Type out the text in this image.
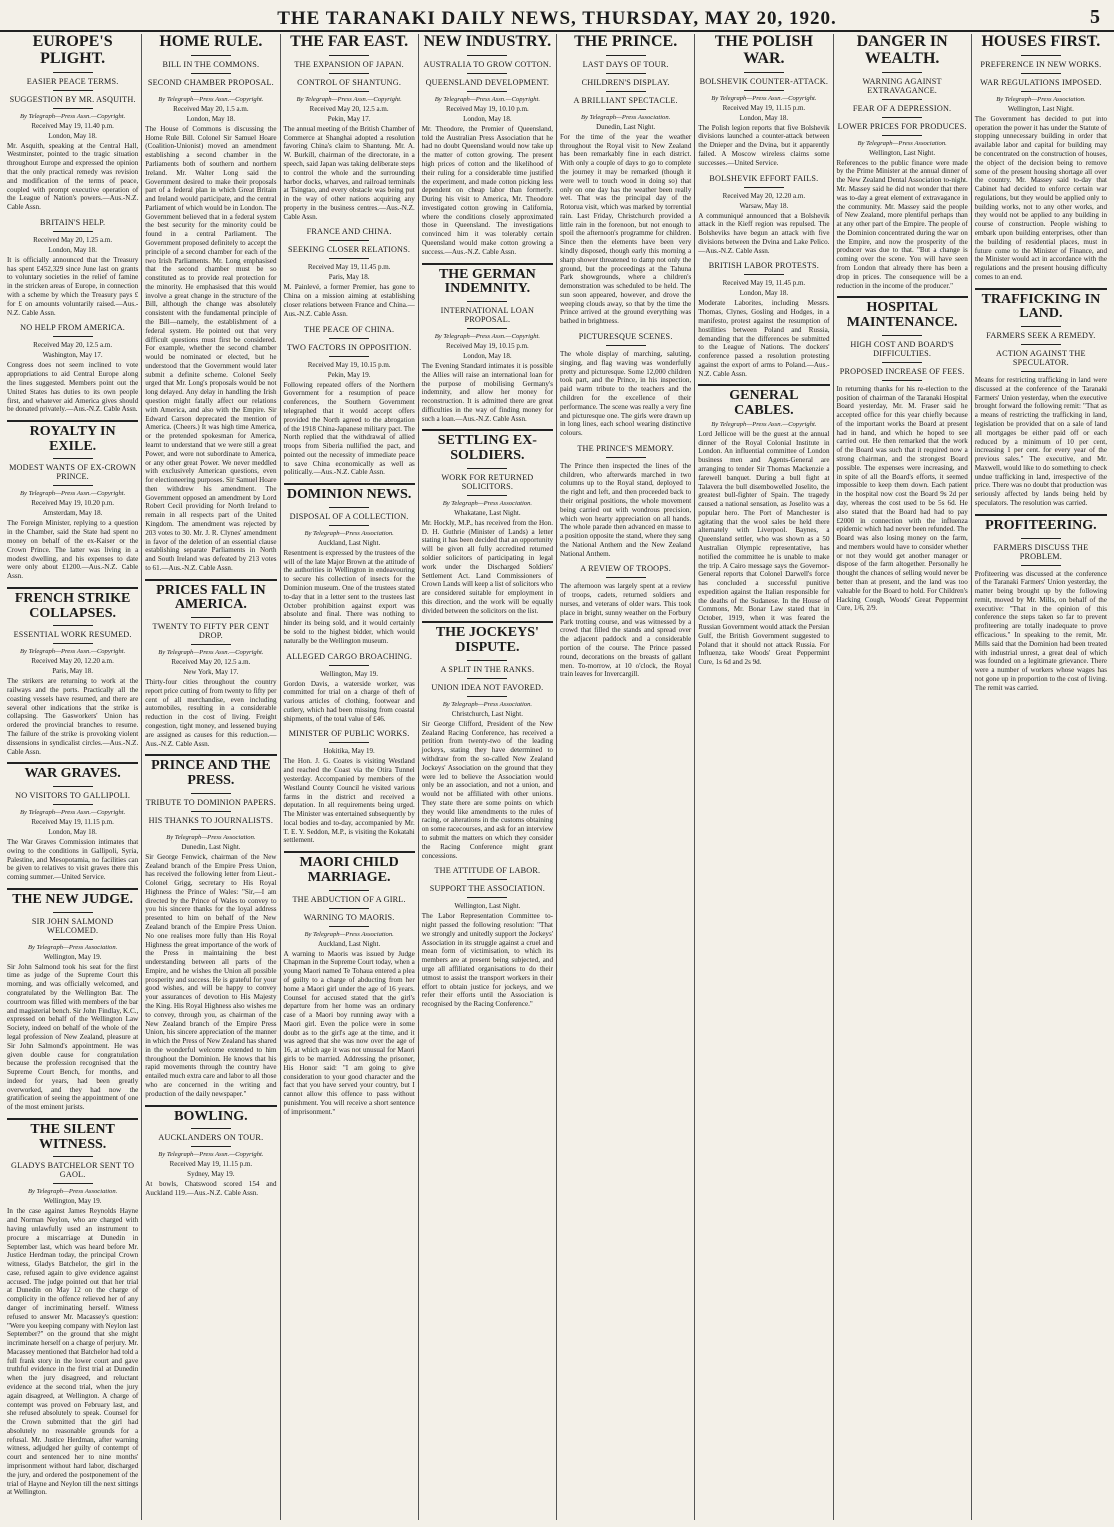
THE TARANAKI DAILY NEWS, THURSDAY, MAY 20, 1920.	5
EUROPE'S PLIGHT.
EASIER PEACE TERMS.
SUGGESTION BY MR. ASQUITH.
By Telegraph—Press Assn.—Copyright.
Received May 19, 11.40 p.m.
London, May 18.

Mr. Asquith, speaking at the Central Hall, Westminster, pointed to the tragic situation throughout Europe and expressed the opinion that the only practical remedy was revision and modification of the terms of peace, coupled with prompt executive operation of the League of Nation's powers.—Aus.-N.Z. Cable Assn.

BRITAIN'S HELP.
Received May 20, 1.25 a.m.
London, May 18.

It is officially announced that the Treasury has spent £452,329 since June last on grants to voluntary societies in the relief of famine in the stricken areas of Europe, in connection with a scheme by which the Treasury pays £ for £ on amounts voluntarily raised.—Aus.-N.Z. Cable Assn.

NO HELP FROM AMERICA.
Received May 20, 12.5 a.m.
Washington, May 17.

Congress does not seem inclined to vote appropriations to aid Central Europe along the lines suggested. Members point out the United States has duties to its own people first, and whatever aid America gives should be donated privately.—Aus.-N.Z. Cable Assn.

ROYALTY IN EXILE.
MODEST WANTS OF EX-CROWN PRINCE.
By Telegraph—Press Assn.—Copyright.
Received May 19, 10.20 p.m.
Amsterdam, May 18.

The Foreign Minister, replying to a question in the Chamber, said the State had spent no money on behalf of the ex-Kaiser or the Crown Prince. The latter was living in a modest dwelling, and his expenses to date were only about £1200.—Aus.-N.Z. Cable Assn.

FRENCH STRIKE COLLAPSES.
ESSENTIAL WORK RESUMED.
By Telegraph—Press Assn.—Copyright.
Received May 20, 12.20 a.m.
Paris, May 18.

The strikers are returning to work at the railways and the ports. Practically all the coasting vessels have resumed, and there are several other indications that the strike is collapsing. The Gasworkers' Union has ordered the provincial branches to resume. The failure of the strike is provoking violent dissensions in syndicalist circles.—Aus.-N.Z. Cable Assn.

WAR GRAVES.
NO VISITORS TO GALLIPOLI.
By Telegraph—Press Assn.—Copyright.
Received May 19, 11.15 p.m.
London, May 18.

The War Graves Commission intimates that owing to the conditions in Gallipoli, Syria, Palestine, and Mesopotamia, no facilities can be given to relatives to visit graves there this coming summer.—United Service.

THE NEW JUDGE.
SIR JOHN SALMOND WELCOMED.
By Telegraph—Press Association.
Wellington, May 19.

Sir John Salmond took his seat for the first time as judge of the Supreme Court this morning, and was officially welcomed, and congratulated by the Wellington Bar. The courtroom was filled with members of the bar and magisterial bench. Sir John Findlay, K.C., expressed on behalf of the Wellington Law Society, indeed on behalf of the whole of the legal profession of New Zealand, pleasure at Sir John Salmond's appointment. He was given double cause for congratulation because the profession recognised that the Supreme Court Bench, for months, and indeed for years, had been greatly overworked, and they had now the gratification of seeing the appointment of one of the most eminent jurists.

THE SILENT WITNESS.
GLADYS BATCHELOR SENT TO GAOL.
By Telegraph—Press Association.
Wellington, May 19.

In the case against James Reynolds Hayne and Norman Neylon, who are charged with having unlawfully used an instrument to procure a miscarriage at Dunedin in September last, which was heard before Mr. Justice Herdman today, the principal Crown witness, Gladys Batchelor, the girl in the case, refused again to give evidence against accused. The judge pointed out that her trial at Dunedin on May 12 on the charge of complicity in the offence relieved her of any danger of incriminating herself. Witness refused to answer Mr. Macassey's question: "Were you keeping company with Neylon last September?" on the ground that she might incriminate herself on a charge of perjury. Mr. Macassey mentioned that Batchelor had told a full frank story in the lower court and gave truthful evidence in the first trial at Dunedin when the jury disagreed, and reluctant evidence at the second trial, when the jury again disagreed, at Wellington. A charge of contempt was proved on February last, and she refused absolutely to speak. Counsel for the Crown submitted that the girl had absolutely no reasonable grounds for a refusal. Mr. Justice Herdman, after warning witness, adjudged her guilty of contempt of court and sentenced her to nine months' imprisonment without hard labor, discharged the jury, and ordered the postponement of the trial of Hayne and Neylon till the next sittings at Wellington.

HOME RULE.
BILL IN THE COMMONS.
SECOND CHAMBER PROPOSAL.
By Telegraph—Press Assn.—Copyright.
Received May 20, 1.5 a.m.
London, May 18.

The House of Commons is discussing the Home Rule Bill. Colonel Sir Samuel Hoare (Coalition-Unionist) moved an amendment establishing a second chamber in the Parliaments both of southern and northern Ireland. Mr. Walter Long said the Government desired to make their proposals part of a federal plan in which Great Britain and Ireland would participate, and the central Parliament of which would be in London. The Government believed that in a federal system the best security for the minority could be found in a central Parliament. The Government proposed definitely to accept the principle of a second chamber for each of the two Irish Parliaments. Mr. Long emphasised that the second chamber must be so constituted as to provide real protection for the minority. He emphasised that this would involve a great change in the structure of the Bill, although the change was absolutely consistent with the fundamental principle of the Bill—namely, the establishment of a federal system. He pointed out that very difficult questions must first be considered. For example, whether the second chamber would be nominated or elected, but he understood that the Government would later submit a definite scheme. Colonel Seely urged that Mr. Long's proposals would be not long delayed. Any delay in handling the Irish question might fatally affect our relations with America, and also with the Empire. Sir Edward Carson deprecated the mention of America. (Cheers.) It was high time America, or the pretended spokesman for America, learnt to understand that we were still a great Power, and were not subordinate to America, or any other great Power. We never meddled with exclusively American questions, even for electioneering purposes. Sir Samuel Hoare then withdrew his amendment. The Government opposed an amendment by Lord Robert Cecil providing for North Ireland to remain in all respects part of the United Kingdom. The amendment was rejected by 203 votes to 30. Mr. J. R. Clynes' amendment in favor of the deletion of an essential clause establishing separate Parliaments in North and South Ireland was defeated by 213 votes to 61.—Aus.-N.Z. Cable Assn.

PRICES FALL IN AMERICA.
TWENTY TO FIFTY PER CENT DROP.
By Telegraph—Press Assn.—Copyright.
Received May 20, 12.5 a.m.
New York, May 17.

Thirty-four cities throughout the country report price cutting of from twenty to fifty per cent of all merchandise, even including automobiles, resulting in a considerable reduction in the cost of living. Freight congestion, tight money, and lessened buying are assigned as causes for this reduction.—Aus.-N.Z. Cable Assn.

PRINCE AND THE PRESS.
TRIBUTE TO DOMINION PAPERS.
HIS THANKS TO JOURNALISTS.
By Telegraph—Press Association.
Dunedin, Last Night.

Sir George Fenwick, chairman of the New Zealand branch of the Empire Press Union, has received the following letter from Lieut.-Colonel Grigg, secretary to His Royal Highness the Prince of Wales: "Sir,—I am directed by the Prince of Wales to convey to you his sincere thanks for the loyal address presented to him on behalf of the New Zealand branch of the Empire Press Union. No one realises more fully than His Royal Highness the great importance of the work of the Press in maintaining the best understanding between all parts of the Empire, and he wishes the Union all possible prosperity and success. He is grateful for your good wishes, and will be happy to convey your assurances of devotion to His Majesty the King. His Royal Highness also wishes me to convey, through you, as chairman of the New Zealand branch of the Empire Press Union, his sincere appreciation of the manner in which the Press of New Zealand has shared in the wonderful welcome extended to him throughout the Dominion. He knows that his rapid movements through the country have entailed much extra care and labor to all those who are concerned in the writing and production of the daily newspaper."

BOWLING.
AUCKLANDERS ON TOUR.
By Telegraph—Press Assn.—Copyright.
Received May 19, 11.15 p.m.
Sydney, May 19.

At bowls, Chatswood scored 154 and Auckland 119.—Aus.-N.Z. Cable Assn.

THE FAR EAST.
THE EXPANSION OF JAPAN.
CONTROL OF SHANTUNG.
By Telegraph—Press Assn.—Copyright.
Received May 20, 12.5 a.m.
Pekin, May 17.

The annual meeting of the British Chamber of Commerce at Shanghai adopted a resolution favoring China's claim to Shantung. Mr. A. W. Burkill, chairman of the directorate, in a speech, said Japan was taking deliberate steps to control the whole and the surrounding harbor docks, wharves, and railroad terminals at Tsingtao, and every obstacle was being put in the way of other nations acquiring any property in the business centres.—Aus.-N.Z. Cable Assn.

FRANCE AND CHINA.
SEEKING CLOSER RELATIONS.
Received May 19, 11.45 p.m.
Paris, May 18.

M. Painlevé, a former Premier, has gone to China on a mission aiming at establishing closer relations between France and China.—Aus.-N.Z. Cable Assn.

THE PEACE OF CHINA.
TWO FACTORS IN OPPOSITION.
Received May 19, 10.15 p.m.
Pekin, May 19.

Following repeated offers of the Northern Government for a resumption of peace conferences, the Southern Government telegraphed that it would accept offers provided the North agreed to the abrogation of the 1918 China-Japanese military pact. The North replied that the withdrawal of allied troops from Siberia nullified the pact, and pointed out the necessity of immediate peace to save China economically as well as politically.—Aus.-N.Z. Cable Assn.

DOMINION NEWS.
DISPOSAL OF A COLLECTION.
By Telegraph—Press Association.
Auckland, Last Night.

Resentment is expressed by the trustees of the will of the late Major Brown at the attitude of the authorities in Wellington in endeavouring to secure his collection of insects for the Dominion museum. One of the trustees stated to-day that in a letter sent to the trustees last October prohibition against export was absolute and final. There was nothing to hinder its being sold, and it would certainly be sold to the highest bidder, which would naturally be the Wellington museum.

ALLEGED CARGO BROACHING.
Wellington, May 19.

Gordon Davis, a waterside worker, was committed for trial on a charge of theft of various articles of clothing, footwear and cutlery, which had been missing from coastal shipments, of the total value of £46.

MINISTER OF PUBLIC WORKS.
Hokitika, May 19.

The Hon. J. G. Coates is visiting Westland and reached the Coast via the Otira Tunnel yesterday. Accompanied by members of the Westland County Council he visited various farms in the district and received a deputation. In all requirements being urged. The Minister was entertained subsequently by local bodies and to-day, accompanied by Mr. T. E. Y. Seddon, M.P., is visiting the Kokatahi settlement.

MAORI CHILD MARRIAGE.
THE ABDUCTION OF A GIRL.
WARNING TO MAORIS.
By Telegraph—Press Association.
Auckland, Last Night.

A warning to Maoris was issued by Judge Chapman in the Supreme Court today, when a young Maori named Te Tohaua entered a plea of guilty to a charge of abducting from her home a Maori girl under the age of 16 years. Counsel for accused stated that the girl's departure from her home was an ordinary case of a Maori boy running away with a Maori girl. Even the police were in some doubt as to the girl's age at the time, and it was agreed that she was now over the age of 16, at which age it was not unusual for Maori girls to be married. Addressing the prisoner, His Honor said: "I am going to give consideration to your good character and the fact that you have served your country, but I cannot allow this offence to pass without punishment. You will receive a short sentence of imprisonment."

NEW INDUSTRY.
AUSTRALIA TO GROW COTTON.
QUEENSLAND DEVELOPMENT.
By Telegraph—Press Assn.—Copyright.
Received May 19, 10.10 p.m.
London, May 18.

Mr. Theodore, the Premier of Queensland, told the Australian Press Association that he had no doubt Queensland would now take up the matter of cotton growing. The present high prices of cotton and the likelihood of their ruling for a considerable time justified the experiment, and made cotton picking less dependent on cheap labor than formerly. During his visit to America, Mr. Theodore investigated cotton growing in California, where the conditions closely approximated those in Queensland. The investigations convinced him it was tolerably certain Queensland would make cotton growing a success.—Aus.-N.Z. Cable Assn.

THE GERMAN INDEMNITY.
INTERNATIONAL LOAN PROPOSAL.
By Telegraph—Press Assn.—Copyright.
Received May 19, 10.15 p.m.
London, May 18.

The Evening Standard intimates it is possible the Allies will raise an international loan for the purpose of mobilising Germany's indemnity, and allow her money for reconstruction. It is admitted there are great difficulties in the way of finding money for such a loan.—Aus.-N.Z. Cable Assn.

SETTLING EX-SOLDIERS.
WORK FOR RETURNED SOLICITORS.
By Telegraph—Press Association.
Whakatane, Last Night.

Mr. Hockly, M.P., has received from the Hon. D. H. Guthrie (Minister of Lands) a letter stating it has been decided that an opportunity will be given all fully accredited returned soldier solicitors of participating in legal work under the Discharged Soldiers' Settlement Act. Land Commissioners of Crown Lands will keep a list of solicitors who are considered suitable for employment in this direction, and the work will be equally divided between the solicitors on the list.

THE JOCKEYS' DISPUTE.
A SPLIT IN THE RANKS.
UNION IDEA NOT FAVORED.
By Telegraph—Press Association.
Christchurch, Last Night.

Sir George Clifford, President of the New Zealand Racing Conference, has received a petition from twenty-two of the leading jockeys, stating they have determined to withdraw from the so-called New Zealand Jockeys' Association on the ground that they were led to believe the Association would only be an association, and not a union, and would not be affiliated with other unions. They state there are some points on which they would like amendments to the rules of racing, or alterations in the customs obtaining on some racecourses, and ask for an interview to submit the matters on which they consider the Racing Conference might grant concessions.

THE ATTITUDE OF LABOR.
SUPPORT THE ASSOCIATION.
Wellington, Last Night.

The Labor Representation Committee to-night passed the following resolution: "That we strongly and unitedly support the Jockeys' Association in its struggle against a cruel and mean form of victimisation, to which its members are at present being subjected, and urge all affiliated organisations to do their utmost to assist the transport workers in their effort to obtain justice for jockeys, and we refer their efforts until the Association is recognised by the Racing Conference."

THE PRINCE.
LAST DAYS OF TOUR.
CHILDREN'S DISPLAY.
A BRILLIANT SPECTACLE.
By Telegraph—Press Association.
Dunedin, Last Night.

For the time of the year the weather throughout the Royal visit to New Zealand has been remarkably fine in each district. With only a couple of days to go to complete the journey it may be remarked (though it were well to touch wood in doing so) that only on one day has the weather been really wet. That was the principal day of the Rotorua visit, which was marked by torrential rain. Last Friday, Christchurch provided a little rain in the forenoon, but not enough to spoil the afternoon's programme for children. Since then the elements have been very kindly disposed, though early this morning a sharp shower threatened to damp not only the ground, but the proceedings at the Tahuna Park showgrounds, where a children's demonstration was scheduled to be held. The sun soon appeared, however, and drove the weeping clouds away, so that by the time the Prince arrived at the ground everything was bathed in brightness.

PICTURESQUE SCENES.

The whole display of marching, saluting, singing, and flag waving was wonderfully pretty and picturesque. Some 12,000 children took part, and the Prince, in his inspection, paid warm tribute to the teachers and the children for the excellence of their performance. The scene was really a very fine and picturesque one. The girls were drawn up in long lines, each school wearing distinctive colours.

THE PRINCE'S MEMORY.

The Prince then inspected the lines of the children, who afterwards marched in two columns up to the Royal stand, deployed to the right and left, and then proceeded back to their original positions, the whole movement being carried out with wondrous precision, which won hearty appreciation on all hands. The whole parade then advanced en masse to a position opposite the stand, where they sang the National Anthem and the New Zealand National Anthem.

A REVIEW OF TROOPS.

The afternoon was largely spent at a review of troops, cadets, returned soldiers and nurses, and veterans of older wars. This took place in bright, sunny weather on the Forbury Park trotting course, and was witnessed by a crowd that filled the stands and spread over the adjacent paddock and a considerable portion of the course. The Prince passed round, decorations on the breasts of gallant men. To-morrow, at 10 o'clock, the Royal train leaves for Invercargill.

THE POLISH WAR.
BOLSHEVIK COUNTER-ATTACK.
By Telegraph—Press Assn.—Copyright.
Received May 19, 11.15 p.m.
London, May 18.

The Polish legion reports that five Bolshevik divisions launched a counter-attack between the Dnieper and the Dvina, but it apparently failed. A Moscow wireless claims some successes.—United Service.

BOLSHEVIK EFFORT FAILS.
Received May 20, 12.20 a.m.
Warsaw, May 18.

A communiqué announced that a Bolshevik attack in the Kieff region was repulsed. The Bolsheviks have begun an attack with five divisions between the Dvina and Lake Pelico.—Aus.-N.Z. Cable Assn.

BRITISH LABOR PROTESTS.
Received May 19, 11.45 p.m.
London, May 18.

Moderate Laborites, including Messrs. Thomas, Clynes, Gosling and Hodges, in a manifesto, protest against the resumption of hostilities between Poland and Russia, demanding that the differences be submitted to the League of Nations. The dockers' conference passed a resolution protesting against the export of arms to Poland.—Aus.-N.Z. Cable Assn.

GENERAL CABLES.
By Telegraph—Press Assn.—Copyright.

Lord Jellicoe will be the guest at the annual dinner of the Royal Colonial Institute in London. An influential committee of London business men and Agents-General are arranging to tender Sir Thomas Mackenzie a farewell banquet. During a bull fight at Talavera the bull disembowelled Joselito, the greatest bull-fighter of Spain. The tragedy caused a national sensation, as Joselito was a popular hero. The Port of Manchester is agitating that the wool sales be held there alternately with Liverpool. Baynes, a Queensland settler, who was shown as a 50 Australian Olympic representative, has notified the committee he is unable to make the trip. A Cairo message says the Governor-General reports that Colonel Darwell's force has concluded a successful punitive expedition against the Italian responsible for the deaths of the Sudanese. In the House of Commons, Mr. Bonar Law stated that in October, 1919, when it was feared the Russian Government would attack the Persian Gulf, the British Government suggested to Poland that it should not attack Russia. For Influenza, take Woods' Great Peppermint Cure, 1s 6d and 2s 9d.

DANGER IN WEALTH.
WARNING AGAINST EXTRAVAGANCE.
FEAR OF A DEPRESSION.
LOWER PRICES FOR PRODUCES.
By Telegraph—Press Association.
Wellington, Last Night.

References to the public finance were made by the Prime Minister at the annual dinner of the New Zealand Dental Association to-night. Mr. Massey said he did not wonder that there was to-day a great element of extravagance in the community. Mr. Massey said the people of New Zealand, more plentiful perhaps than at any other part of the Empire. The people of the Dominion concentrated during the war on the Empire, and now the prosperity of the producer was due to that. "But a change is coming over the scene. You will have seen from London that already there has been a drop in prices. The consequence will be a reduction in the income of the producer."

HOSPITAL MAINTENANCE.
HIGH COST AND BOARD'S DIFFICULTIES.
PROPOSED INCREASE OF FEES.

In returning thanks for his re-election to the position of chairman of the Taranaki Hospital Board yesterday, Mr. M. Fraser said he accepted office for this year chiefly because of the important works the Board at present had in hand, and which he hoped to see carried out. He then remarked that the work of the Board was such that it required now a strong chairman, and the strongest Board possible. The expenses were increasing, and in spite of all the Board's efforts, it seemed impossible to keep them down. Each patient in the hospital now cost the Board 9s 2d per day, whereas the cost used to be 5s 6d. He also stated that the Board had had to pay £2000 in connection with the influenza epidemic which had never been refunded. The Board was also losing money on the farm, and members would have to consider whether or not they would get another manager or dispose of the farm altogether. Personally he thought the chances of selling would never be better than at present, and the land was too valuable for the Board to hold. For Children's Hacking Cough, Woods' Great Peppermint Cure, 1/6, 2/9.

HOUSES FIRST.
PREFERENCE IN NEW WORKS.
WAR REGULATIONS IMPOSED.
By Telegraph—Press Association.
Wellington, Last Night.

The Government has decided to put into operation the power it has under the Statute of stopping unnecessary building in order that available labor and capital for building may be concentrated on the construction of houses, the object of the decision being to remove some of the present housing shortage all over the country. Mr. Massey said to-day that Cabinet had decided to enforce certain war regulations, but they would be applied only to building works, not to any other works, and they would not be applied to any building in course of construction. People wishing to embark upon building enterprises, other than the building of residential places, must in future come to the Minister of Finance, and the Minister would act in accordance with the regulations and the present housing difficulty comes to an end.

TRAFFICKING IN LAND.
FARMERS SEEK A REMEDY.
ACTION AGAINST THE SPECULATOR.

Means for restricting trafficking in land were discussed at the conference of the Taranaki Farmers' Union yesterday, when the executive brought forward the following remit: "That as a means of restricting the trafficking in land, legislation be provided that on a sale of land all mortgages be either paid off or each reduced by a minimum of 10 per cent, increasing 1 per cent. for every year of the previous sales." The executive, and Mr. Maxwell, would like to do something to check undue trafficking in land, irrespective of the price. There was no doubt that production was seriously affected by lands being held by speculators. The resolution was carried.

PROFITEERING.
FARMERS DISCUSS THE PROBLEM.

Profiteering was discussed at the conference of the Taranaki Farmers' Union yesterday, the matter being brought up by the following remit, moved by Mr. Mills, on behalf of the executive: "That in the opinion of this conference the steps taken so far to prevent profiteering are totally inadequate to prove efficacious." In speaking to the remit, Mr. Mills said that the Dominion had been treated with industrial unrest, a great deal of which was founded on a legitimate grievance. There were a number of workers whose wages has not gone up in proportion to the cost of living. The remit was carried.
